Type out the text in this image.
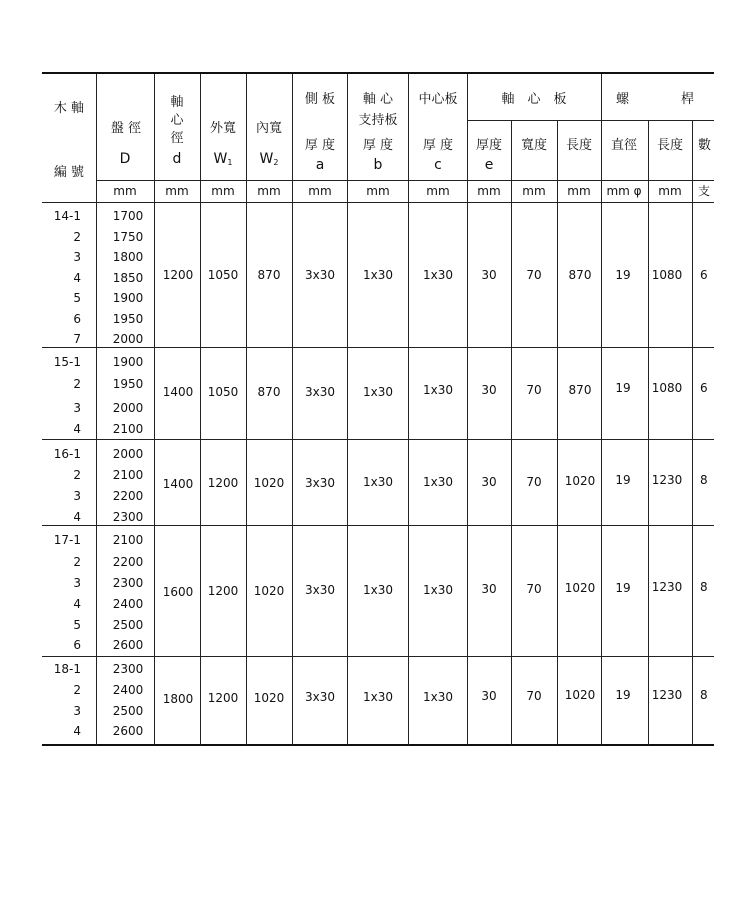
木 軸
編 號
盤 徑
D
軸
心
徑
d
外寬
$W_1$
內寬
$W_2$
側 板
厚 度
a
軸 心
支持板
厚 度
b
中心板
厚 度
c
軸　心　板
厚度
e
寬度 長度
螺　　　　桿
直徑 長度 數
mm mm mm mm mm	mm	mm mm mm mm mm φ mm 支
14-1
2
3
4
5
6
7
1700
1750
1800
1850
1900
1950
2000
1200 1050 870 3x30 1x30 1x30 30 70 870 19 1080 6
15-1
2
3
4
1900
1950
2000
2100
1400 1050 870 3x30 1x30 1x30 30 70 870 19 1080 6
16-1
2
3
4
2000
2100
2200
2300
1400 1200 1020 3x30 1x30 1x30 30 70 1020 19 1230 8
17-1
2
3
4
5
6
2100
2200
2300
2400
2500
2600
1600 1200 1020 3x30 1x30 1x30 30 70 1020 19 1230 8
18-1
2
3
4
2300
2400
2500
2600
1800 1200 1020 3x30 1x30 1x30 30 70 1020 19 1230 8
